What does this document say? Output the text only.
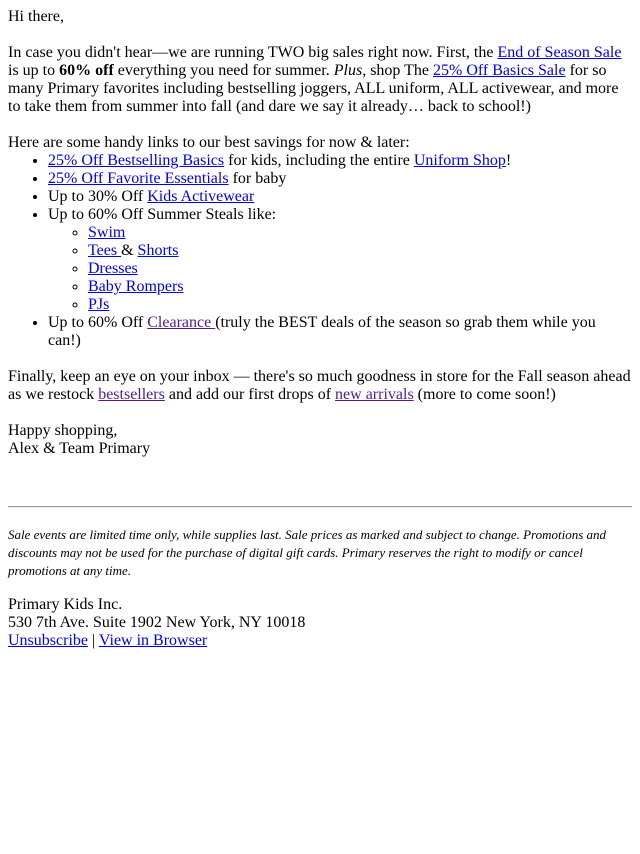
Hi there,

In case you didn't hear—we are running TWO big sales right now. First, the End of Season Sale is up to 60% off everything you need for summer. Plus, shop The 25% Off Basics Sale for so many Primary favorites including bestselling joggers, ALL uniform, ALL activewear, and more to take them from summer into fall (and dare we say it already… back to school!)

Here are some handy links to our best savings for now & later:

• 25% Off Bestselling Basics for kids, including the entire Uniform Shop!
• 25% Off Favorite Essentials for baby
• Up to 30% Off Kids Activewear
• Up to 60% Off Summer Steals like:
◦ Swim
◦ Tees & Shorts
◦ Dresses
◦ Baby Rompers
◦ PJs
• Up to 60% Off Clearance (truly the BEST deals of the season so grab them while you can!)

Finally, keep an eye on your inbox — there's so much goodness in store for the Fall season ahead as we restock bestsellers and add our first drops of new arrivals (more to come soon!)

Happy shopping,
Alex & Team Primary

Sale events are limited time only, while supplies last. Sale prices as marked and subject to change. Promotions and discounts may not be used for the purchase of digital gift cards. Primary reserves the right to modify or cancel promotions at any time.

Primary Kids Inc.
530 7th Ave. Suite 1902 New York, NY 10018
Unsubscribe | View in Browser
